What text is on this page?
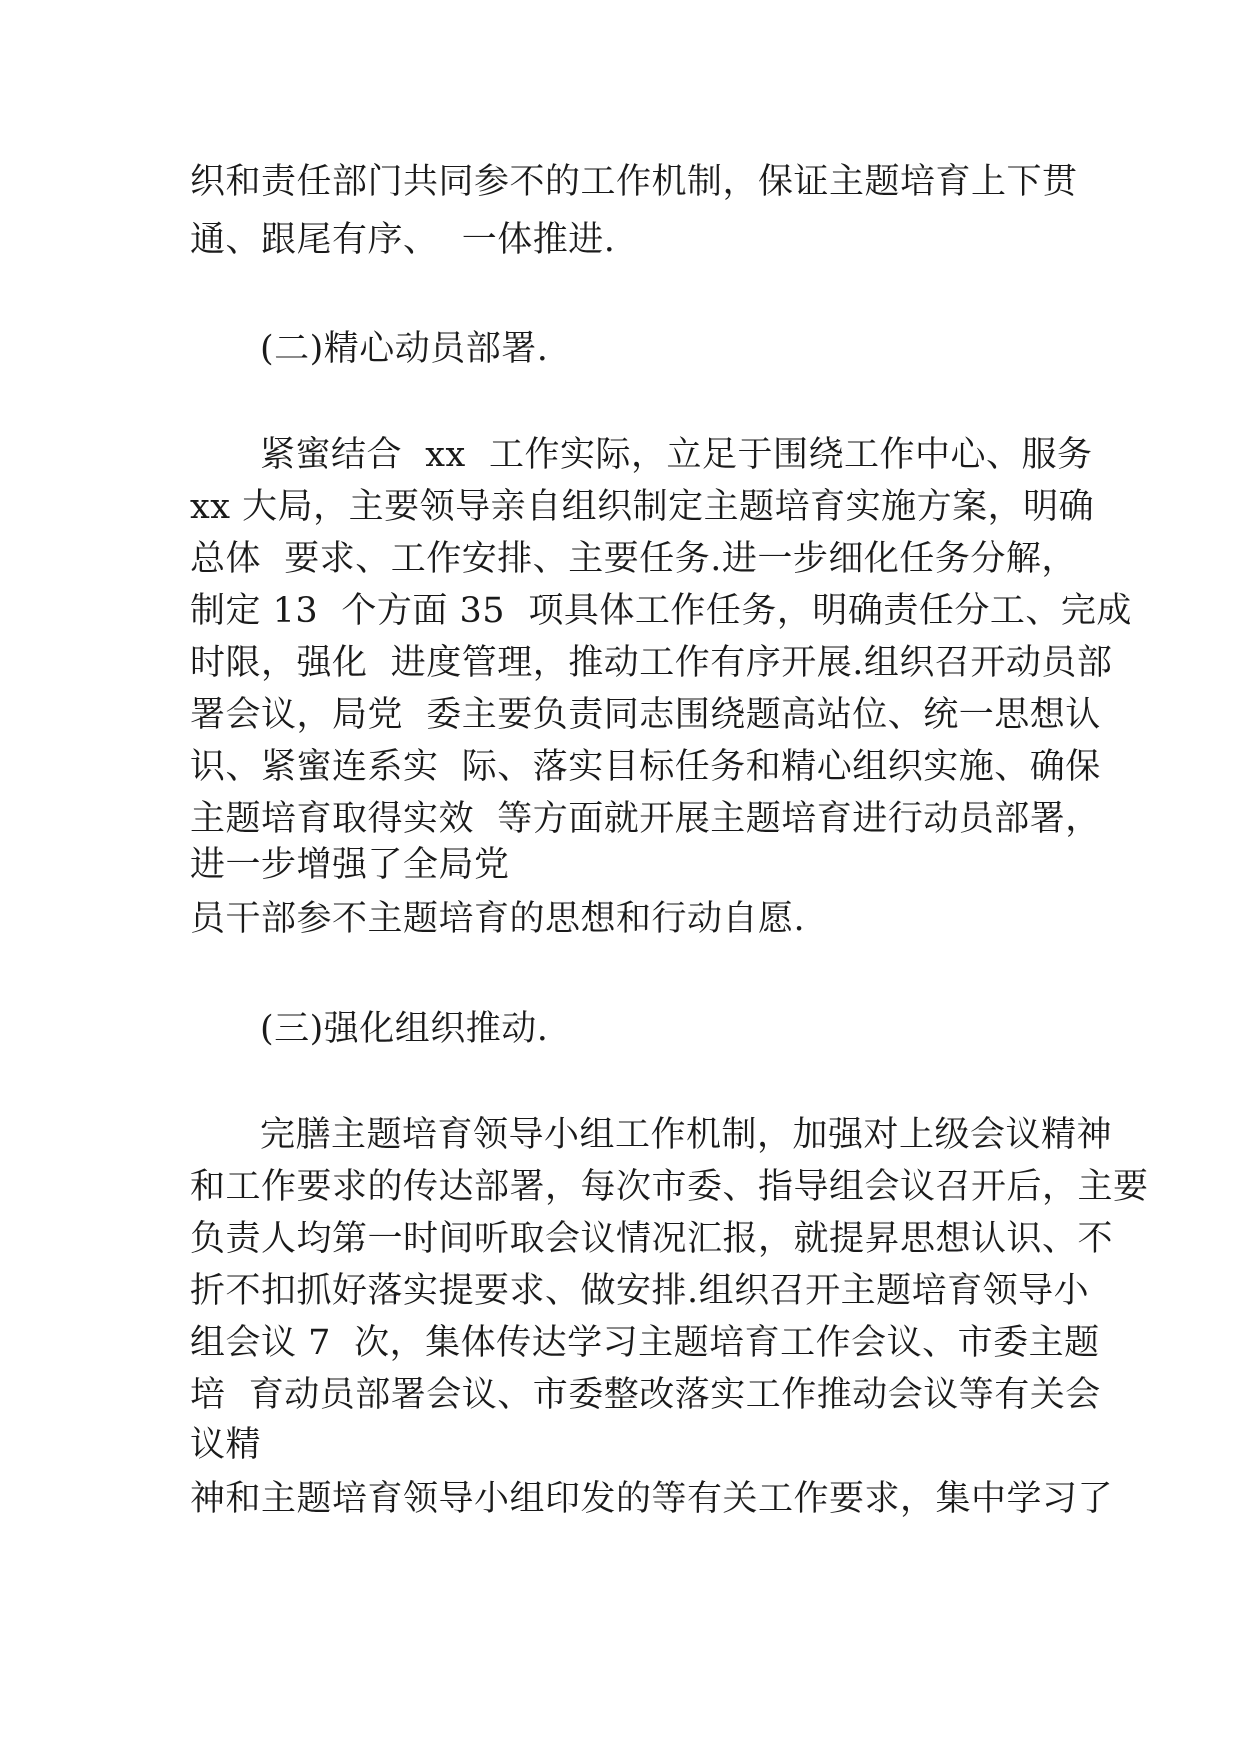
织和责任部门共同参不的工作机制，保证主题培育上下贯

通、跟尾有序、  一体推进.

(二)精心动员部署.

紧蜜结合  xx  工作实际，立足于围绕工作中心、服务

xx 大局，主要领导亲自组织制定主题培育实施方案，明确

总体  要求、工作安排、主要任务.进一步细化任务分解，

制定 13  个方面 35  项具体工作任务，明确责任分工、完成

时限，强化  进度管理，推动工作有序开展.组织召开动员部

署会议，局党  委主要负责同志围绕题高站位、统一思想认

识、紧蜜连系实  际、落实目标任务和精心组织实施、确保

主题培育取得实效  等方面就开展主题培育进行动员部署，

进一步增强了全局党

员干部参不主题培育的思想和行动自愿.

(三)强化组织推动.

完膳主题培育领导小组工作机制，加强对上级会议精神

和工作要求的传达部署，每次市委、指导组会议召开后，主要

负责人均第一时间听取会议情况汇报，就提昇思想认识、不

折不扣抓好落实提要求、做安排.组织召开主题培育领导小

组会议 7  次，集体传达学习主题培育工作会议、市委主题

培  育动员部署会议、市委整改落实工作推动会议等有关会

议精

神和主题培育领导小组印发的等有关工作要求，集中学习了
